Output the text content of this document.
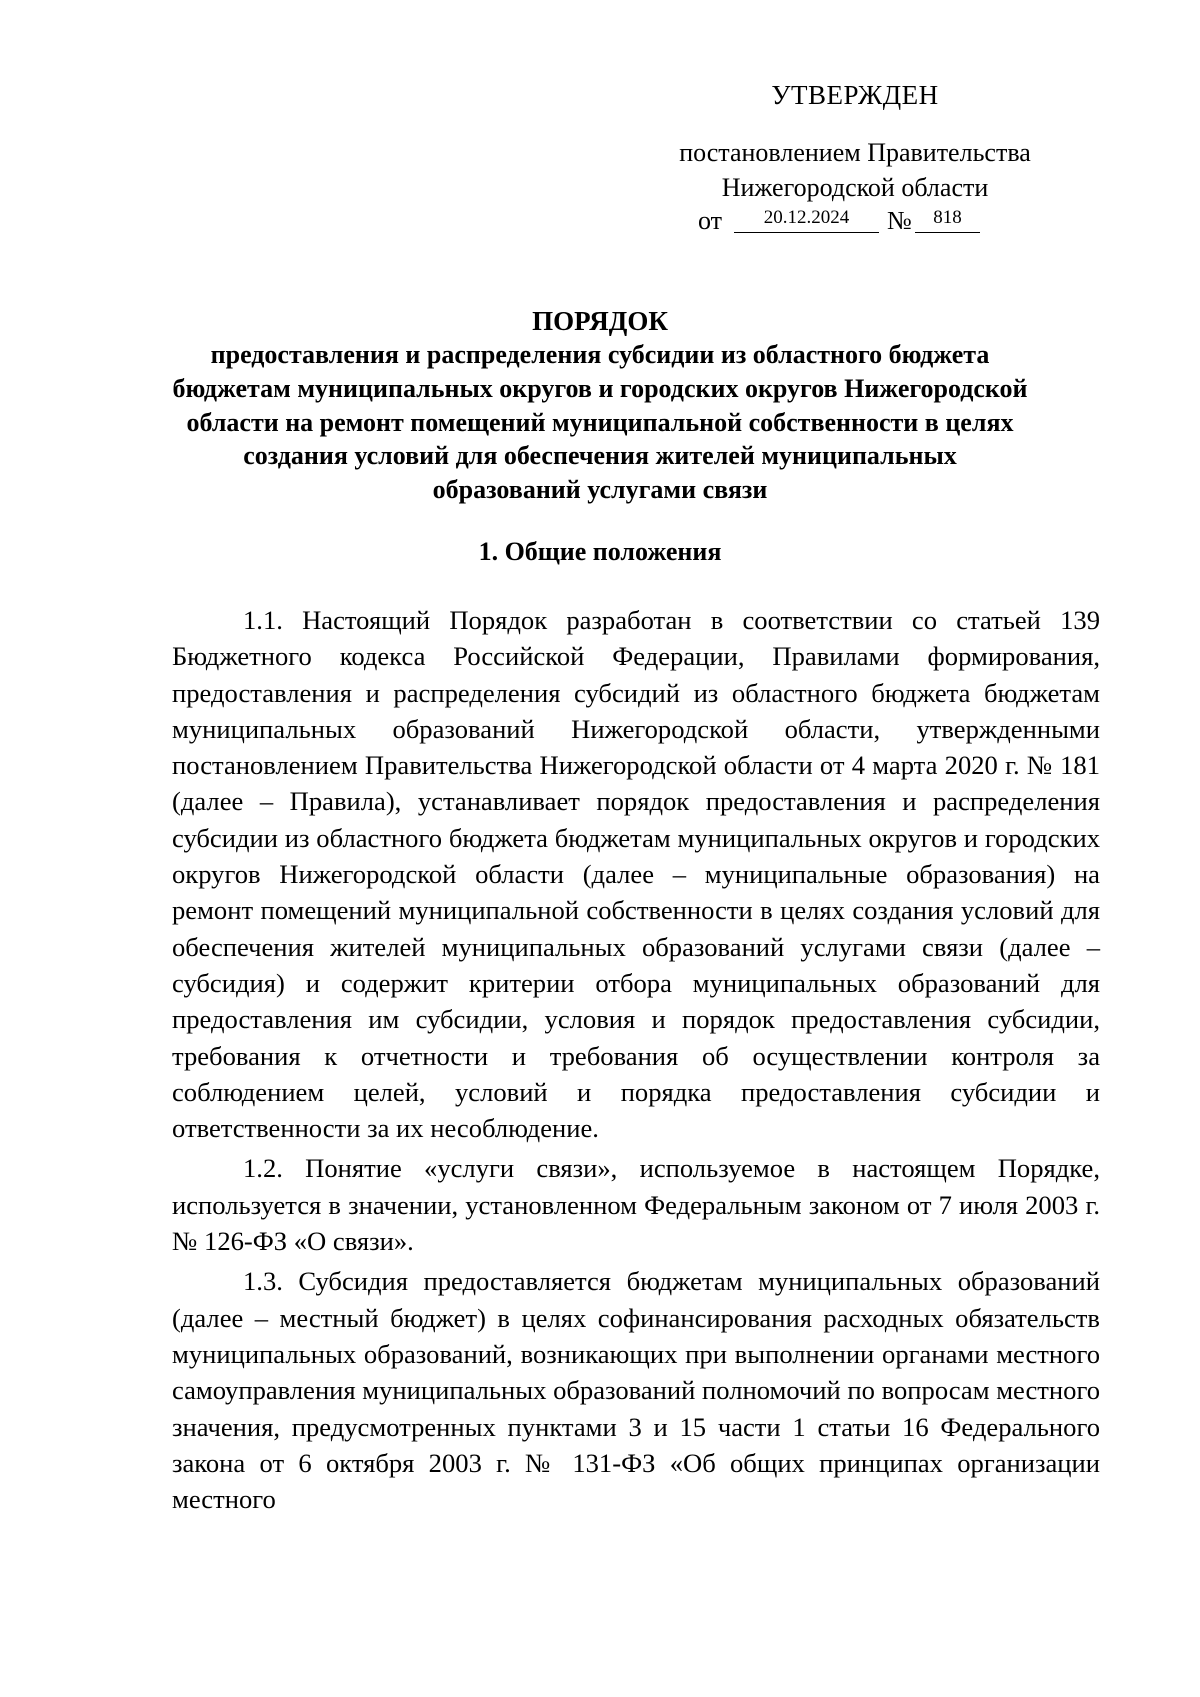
УТВЕРЖДЕН
постановлением Правительства
Нижегородской области
от	20.12.2024	№	818
ПОРЯДОК
предоставления и распределения субсидии из областного бюджета бюджетам муниципальных округов и городских округов Нижегородской области на ремонт помещений муниципальной собственности в целях создания условий для обеспечения жителей муниципальных образований услугами связи
1. Общие положения

1.1. Настоящий Порядок разработан в соответствии со статьей 139 Бюджетного кодекса Российской Федерации, Правилами формирования, предоставления и распределения субсидий из областного бюджета бюджетам муниципальных образований Нижегородской области, утвержденными постановлением Правительства Нижегородской области от 4 марта 2020 г. № 181 (далее – Правила), устанавливает порядок предоставления и распределения субсидии из областного бюджета бюджетам муниципальных округов и городских округов Нижегородской области (далее – муниципальные образования) на ремонт помещений муниципальной собственности в целях создания условий для обеспечения жителей муниципальных образований услугами связи (далее – субсидия) и содержит критерии отбора муниципальных образований для предоставления им субсидии, условия и порядок предоставления субсидии, требования к отчетности и требования об осуществлении контроля за соблюдением целей, условий и порядка предоставления субсидии и ответственности за их несоблюдение.

1.2. Понятие «услуги связи», используемое в настоящем Порядке, используется в значении, установленном Федеральным законом от 7 июля 2003 г. № 126-ФЗ «О связи».

1.3. Субсидия предоставляется бюджетам муниципальных образований (далее – местный бюджет) в целях софинансирования расходных обязательств муниципальных образований, возникающих при выполнении органами местного самоуправления муниципальных образований полномочий по вопросам местного значения, предусмотренных пунктами 3 и 15 части 1 статьи 16 Федерального закона от 6 октября 2003 г. № 131-ФЗ «Об общих принципах организации местного
